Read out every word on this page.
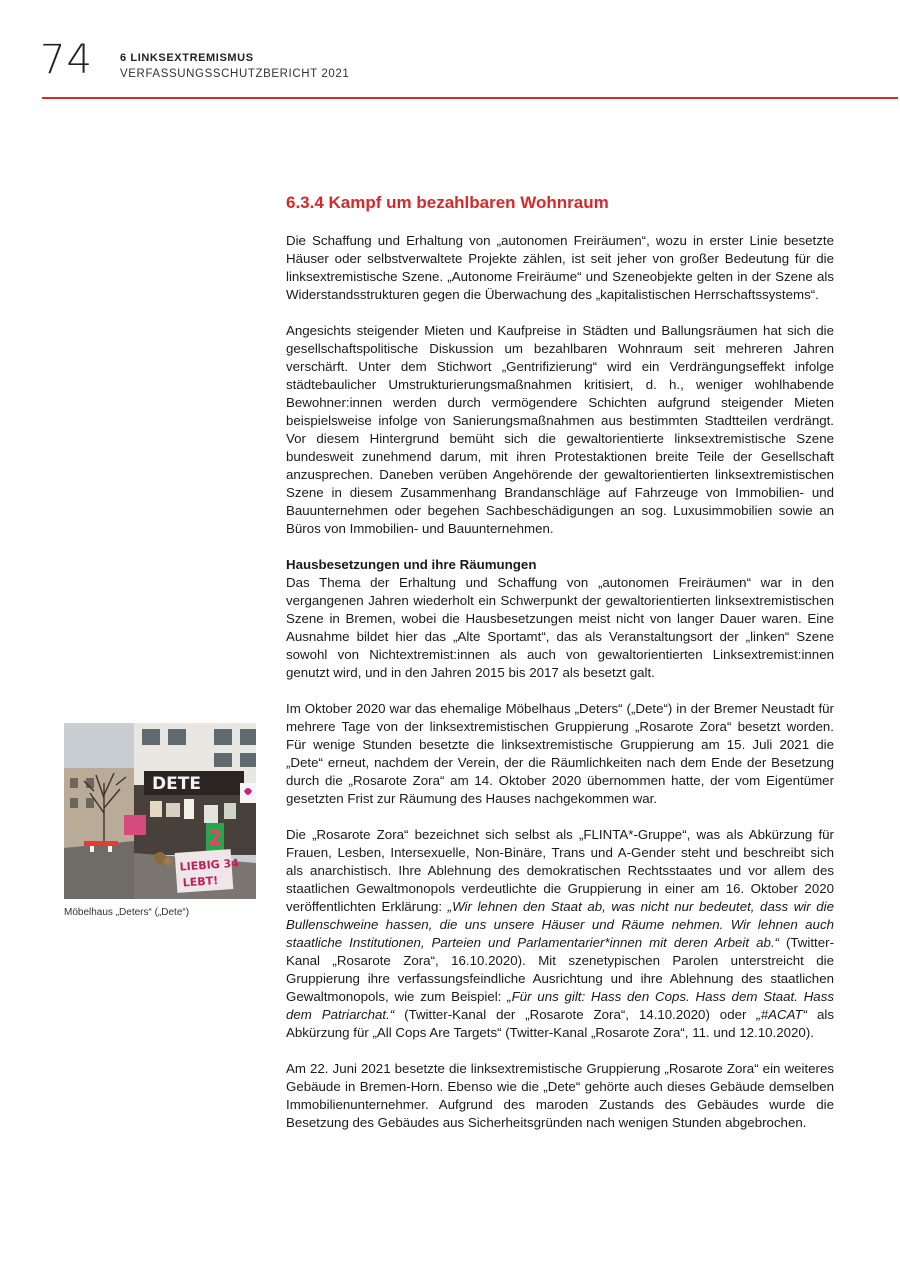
74 6 LINKSEXTREMISMUS
VERFASSUNGSSCHUTZBERICHT 2021
DETE
2
LIEBIG 34
LEBT!
Möbelhaus „Deters“ („Dete“)
6.3.4 Kampf um bezahlbaren Wohnraum

Die Schaffung und Erhaltung von „autonomen Freiräumen“, wozu in erster Linie besetzte Häuser oder selbstverwaltete Projekte zählen, ist seit jeher von großer Bedeutung für die linksextremistische Szene. „Autonome Freiräume“ und Szeneobjekte gelten in der Szene als Widerstandsstrukturen gegen die Überwachung des „kapitalistischen Herrschaftssystems“.

Angesichts steigender Mieten und Kaufpreise in Städten und Ballungsräumen hat sich die gesellschaftspolitische Diskussion um bezahlbaren Wohnraum seit mehreren Jahren verschärft. Unter dem Stichwort „Gentrifizierung“ wird ein Verdrängungseffekt infolge städtebaulicher Umstrukturierungsmaßnahmen kritisiert, d. h., weniger wohlhabende Bewohner:innen werden durch vermögendere Schichten aufgrund steigender Mieten beispielsweise infolge von Sanierungsmaßnahmen aus bestimmten Stadtteilen verdrängt. Vor diesem Hintergrund bemüht sich die gewaltorientierte linksextremistische Szene bundesweit zunehmend darum, mit ihren Protestaktionen breite Teile der Gesellschaft anzusprechen. Daneben verüben Angehörende der gewaltorientierten linksextremistischen Szene in diesem Zusammenhang Brandanschläge auf Fahrzeuge von Immobilien- und Bauunternehmen oder begehen Sachbeschädigungen an sog. Luxusimmobilien sowie an Büros von Immobilien- und Bauunternehmen.

Hausbesetzungen und ihre Räumungen

Das Thema der Erhaltung und Schaffung von „autonomen Freiräumen“ war in den vergangenen Jahren wiederholt ein Schwerpunkt der gewaltorientierten linksextremistischen Szene in Bremen, wobei die Hausbesetzungen meist nicht von langer Dauer waren. Eine Ausnahme bildet hier das „Alte Sportamt“, das als Veranstaltungsort der „linken“ Szene sowohl von Nichtextremist:innen als auch von gewaltorientierten Linksextremist:innen genutzt wird, und in den Jahren 2015 bis 2017 als besetzt galt.

Im Oktober 2020 war das ehemalige Möbelhaus „Deters“ („Dete“) in der Bremer Neustadt für mehrere Tage von der linksextremistischen Gruppierung „Rosarote Zora“ besetzt worden. Für wenige Stunden besetzte die linksextremistische Gruppierung am 15. Juli 2021 die „Dete“ erneut, nachdem der Verein, der die Räumlichkeiten nach dem Ende der Besetzung durch die „Rosarote Zora“ am 14. Oktober 2020 übernommen hatte, der vom Eigentümer gesetzten Frist zur Räumung des Hauses nachgekommen war.

Die „Rosarote Zora“ bezeichnet sich selbst als „FLINTA*-Gruppe“, was als Abkürzung für Frauen, Lesben, Intersexuelle, Non-Binäre, Trans und A-Gender steht und beschreibt sich als anarchistisch. Ihre Ablehnung des demokratischen Rechtsstaates und vor allem des staatlichen Gewaltmonopols verdeutlichte die Gruppierung in einer am 16. Oktober 2020 veröffentlichten Erklärung: „Wir lehnen den Staat ab, was nicht nur bedeutet, dass wir die Bullenschweine hassen, die uns unsere Häuser und Räume nehmen. Wir lehnen auch staatliche Institutionen, Parteien und Parlamentarier*innen mit deren Arbeit ab.“ (Twitter-Kanal „Rosarote Zora“, 16.10.2020). Mit szenetypischen Parolen unterstreicht die Gruppierung ihre verfassungsfeindliche Ausrichtung und ihre Ablehnung des staatlichen Gewaltmonopols, wie zum Beispiel: „Für uns gilt: Hass den Cops. Hass dem Staat. Hass dem Patriarchat.“ (Twitter-Kanal der „Rosarote Zora“, 14.10.2020) oder „#ACAT“ als Abkürzung für „All Cops Are Targets“ (Twitter-Kanal „Rosarote Zora“, 11. und 12.10.2020).

Am 22. Juni 2021 besetzte die linksextremistische Gruppierung „Rosarote Zora“ ein weiteres Gebäude in Bremen-Horn. Ebenso wie die „Dete“ gehörte auch dieses Gebäude demselben Immobilienunternehmer. Aufgrund des maroden Zustands des Gebäudes wurde die Besetzung des Gebäudes aus Sicherheitsgründen nach wenigen Stunden abgebrochen.
